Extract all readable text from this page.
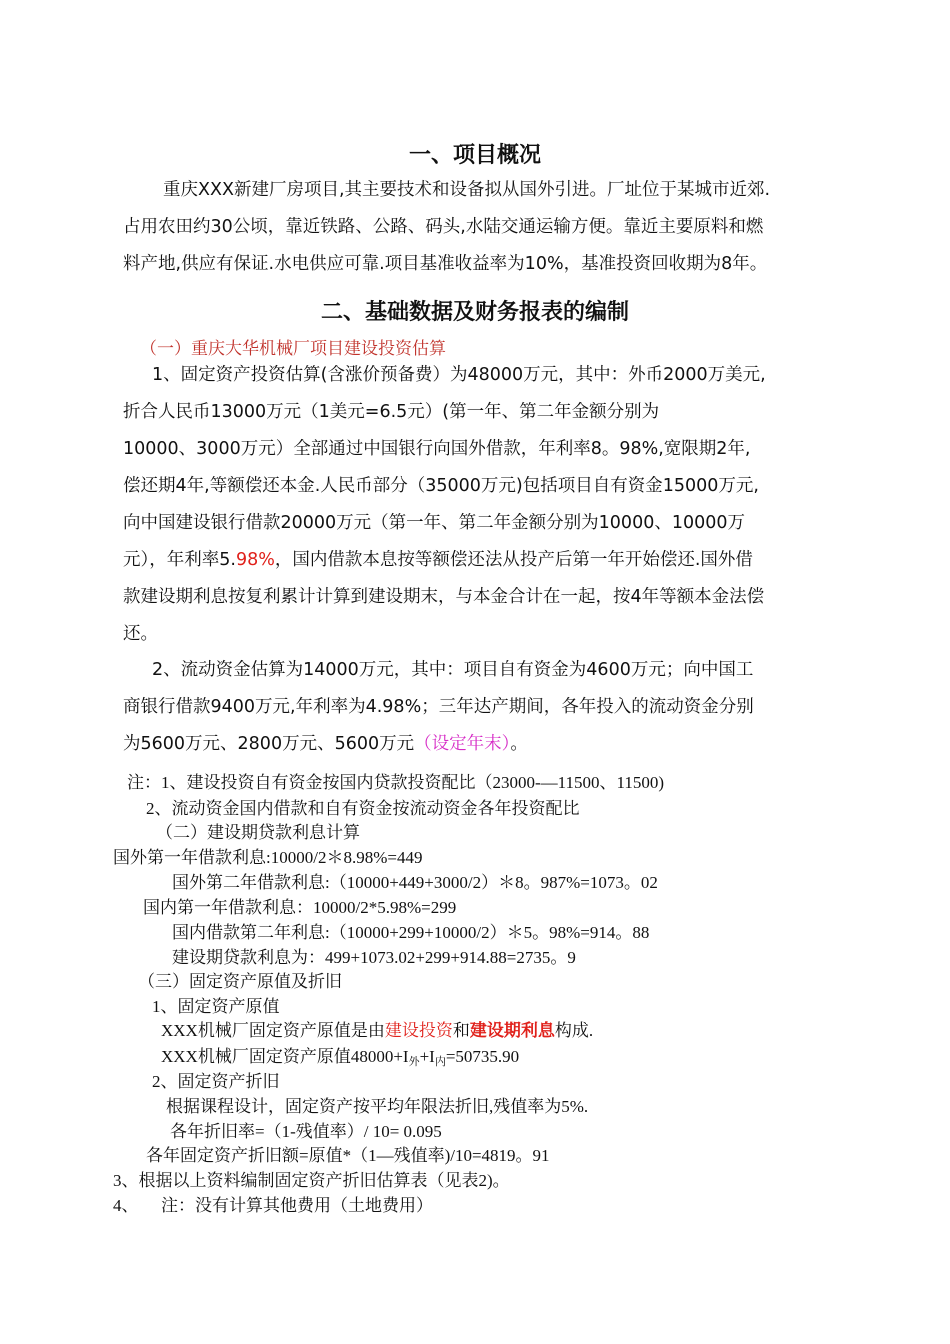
一、项目概况
重庆XXX新建厂房项目,其主要技术和设备拟从国外引进。厂址位于某城市近郊.
占用农田约30公顷，靠近铁路、公路、码头,水陆交通运输方便。靠近主要原料和燃
料产地,供应有保证.水电供应可靠.项目基准收益率为10%，基准投资回收期为8年。
二、基础数据及财务报表的编制
（一）重庆大华机械厂项目建设投资估算
1、固定资产投资估算(含涨价预备费）为48000万元，其中：外币2000万美元,
折合人民币13000万元（1美元=6.5元）(第一年、第二年金额分别为
10000、3000万元）全部通过中国银行向国外借款，年利率8。98%,宽限期2年,
偿还期4年,等额偿还本金.人民币部分（35000万元)包括项目自有资金15000万元,
向中国建设银行借款20000万元（第一年、第二年金额分别为10000、10000万
元），年利率5.98%，国内借款本息按等额偿还法从投产后第一年开始偿还.国外借
款建设期利息按复利累计计算到建设期末，与本金合计在一起，按4年等额本金法偿
还。
2、流动资金估算为14000万元，其中：项目自有资金为4600万元；向中国工
商银行借款9400万元,年利率为4.98%；三年达产期间，各年投入的流动资金分别
为5600万元、2800万元、5600万元（设定年末）。
注：1、建设投资自有资金按国内贷款投资配比（23000-—11500、11500)
2、流动资金国内借款和自有资金按流动资金各年投资配比
（二）建设期贷款利息计算
国外第一年借款利息:10000/2＊8.98%=449
国外第二年借款利息:（10000+449+3000/2）＊8。987%=1073。02
国内第一年借款利息：10000/2*5.98%=299
国内借款第二年利息:（10000+299+10000/2）＊5。98%=914。88
建设期贷款利息为：499+1073.02+299+914.88=2735。9
（三）固定资产原值及折旧
1、固定资产原值
XXX机械厂固定资产原值是由建设投资和建设期利息构成.
XXX机械厂固定资产原值$48000+I_外+I_内=50735.90$
2、固定资产折旧
根据课程设计，固定资产按平均年限法折旧,残值率为5%.
各年折旧率=（1-残值率）/ 10= 0.095
各年固定资产折旧额=原值*（1—残值率)/10=4819。91
3、根据以上资料编制固定资产折旧估算表（见表2)。
4、 注：没有计算其他费用（土地费用）
